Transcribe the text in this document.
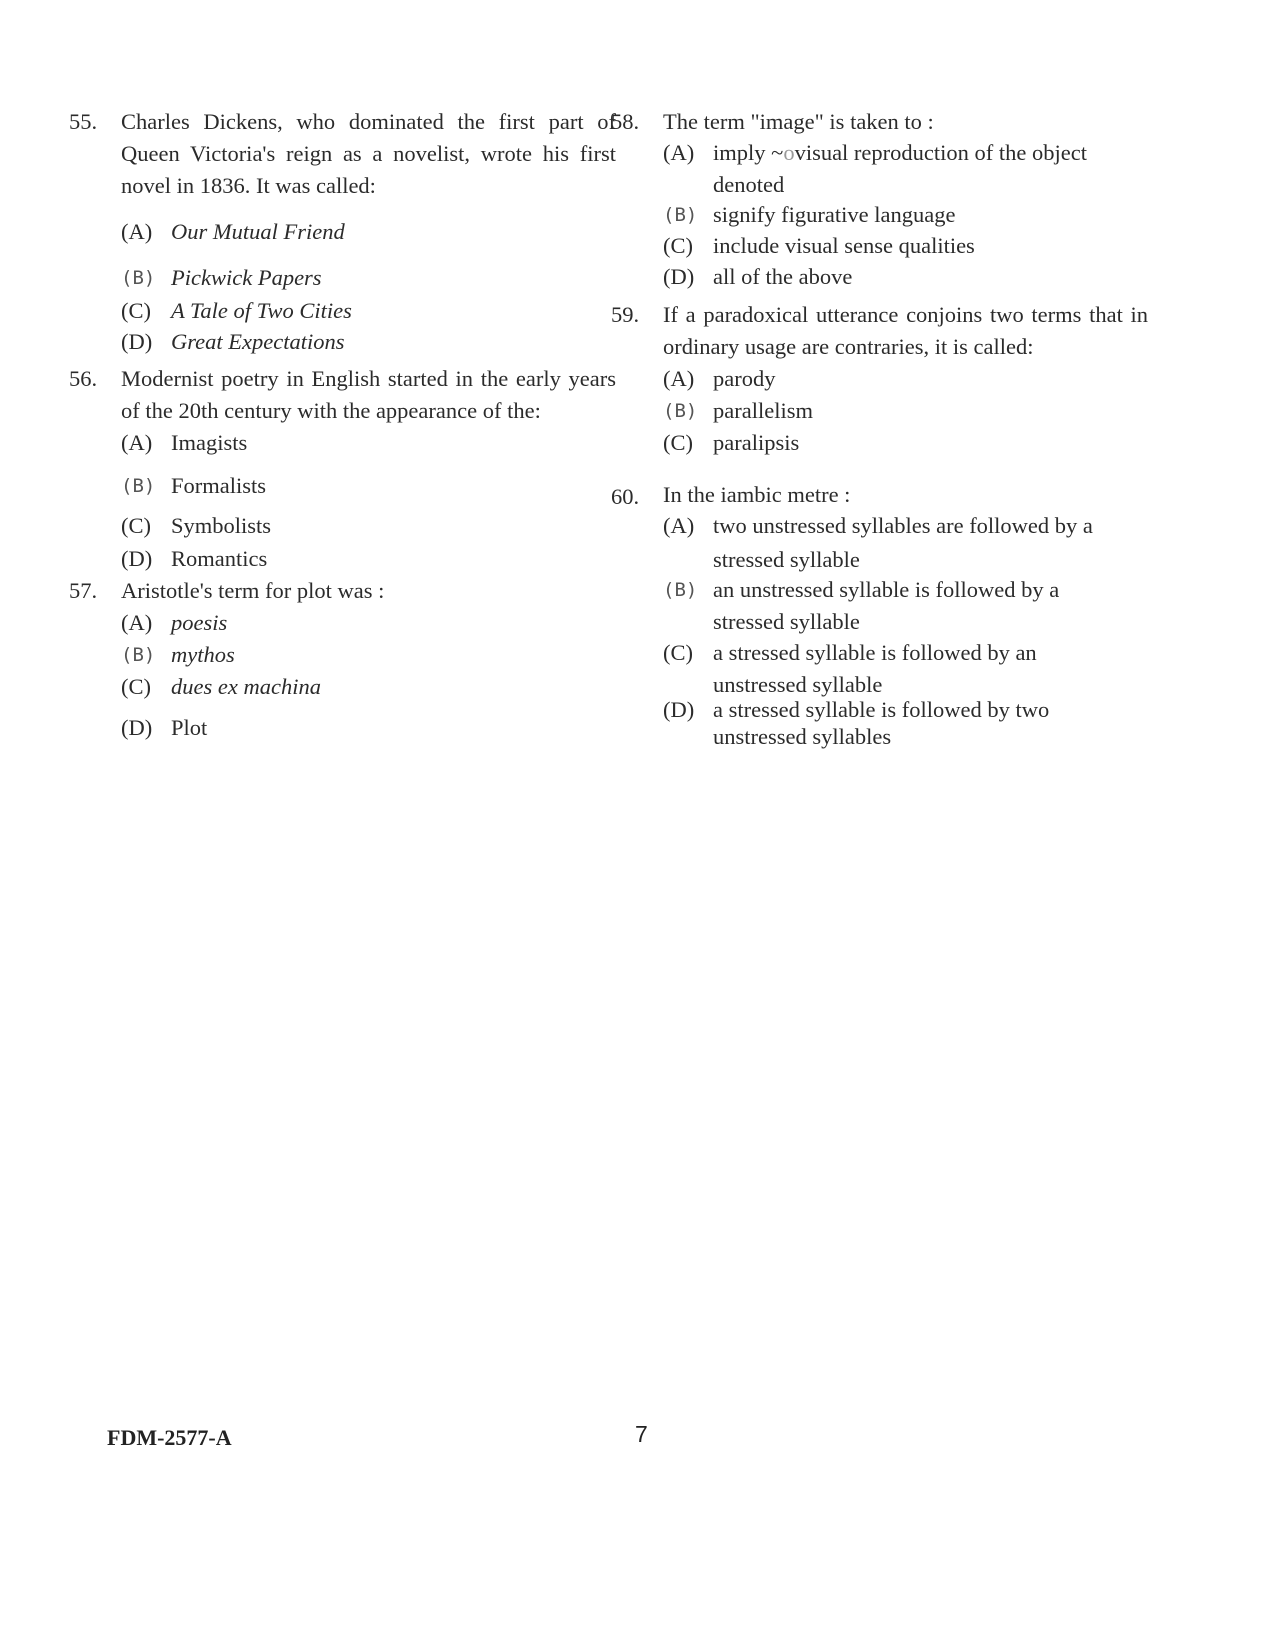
55.	Charles Dickens, who dominated the first part of Queen Victoria's reign as a novelist, wrote his first novel in 1836. It was called:
(A) Our Mutual Friend
(B) Pickwick Papers
(C) A Tale of Two Cities
(D) Great Expectations
56.	Modernist poetry in English started in the early years of the 20th century with the appearance of the:
(A) Imagists
(B) Formalists
(C) Symbolists
(D) Romantics
57.	Aristotle's term for plot was :
(A) poesis
(B) mythos
(C) dues ex machina
(D) Plot
58.	The term "image" is taken to :
(A) imply ~ovisual reproduction of the object denoted
(B) signify figurative language
(C) include visual sense qualities
(D) all of the above
59.	If a paradoxical utterance conjoins two terms that in ordinary usage are contraries, it is called:
(A) parody
(B) parallelism
(C) paralipsis
60.	In the iambic metre :
(A) two unstressed syllables are followed by a stressed syllable
(B) an unstressed syllable is followed by a stressed syllable
(C) a stressed syllable is followed by an unstressed syllable
(D) a stressed syllable is followed by two unstressed syllables
FDM-2577-A	7
